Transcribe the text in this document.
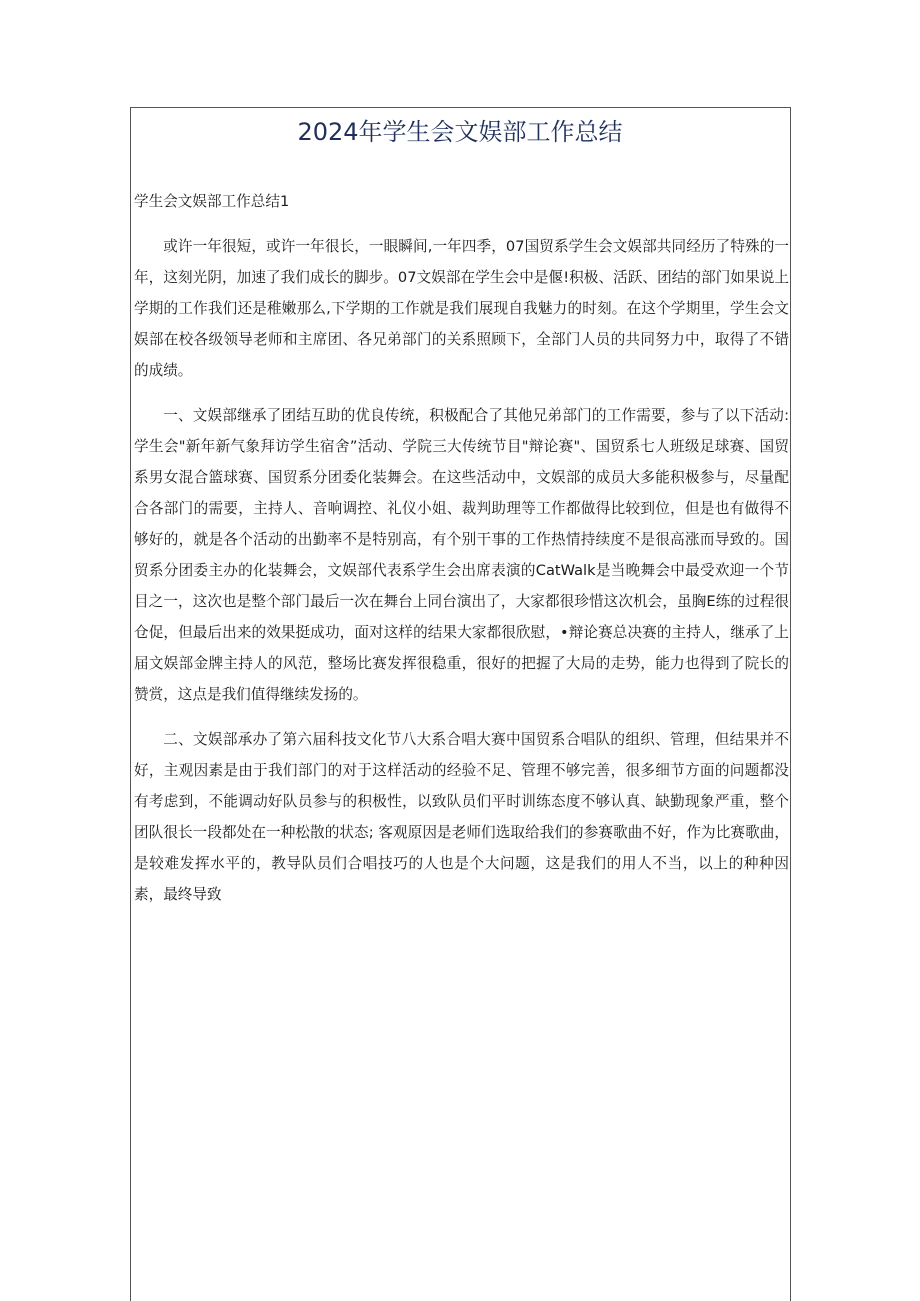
2024年学生会文娱部工作总结
学生会文娱部工作总结1

或许一年很短，或许一年很长，一眼瞬间,一年四季，07国贸系学生会文娱部共同经历了特殊的一年，这刻光阴，加速了我们成长的脚步。07文娱部在学生会中是偃!积极、活跃、团结的部门如果说上学期的工作我们还是稚嫩那么,下学期的工作就是我们展现自我魅力的时刻。在这个学期里，学生会文娱部在校各级领导老师和主席团、各兄弟部门的关系照顾下，全部门人员的共同努力中，取得了不错的成绩。

一、文娱部继承了团结互助的优良传统，积极配合了其他兄弟部门的工作需要，参与了以下活动:学生会"新年新气象拜访学生宿舍”活动、学院三大传统节目"辩论赛"、国贸系七人班级足球赛、国贸系男女混合篮球赛、国贸系分团委化装舞会。在这些活动中，文娱部的成员大多能积极参与，尽量配合各部门的需要，主持人、音响调控、礼仪小姐、裁判助理等工作都做得比较到位，但是也有做得不够好的，就是各个活动的出勤率不是特别高，有个别干事的工作热情持续度不是很高涨而导致的。国贸系分团委主办的化装舞会，文娱部代表系学生会出席表演的CatWalk是当晚舞会中最受欢迎一个节目之一，这次也是整个部门最后一次在舞台上同台演出了，大家都很珍惜这次机会，虽胸E练的过程很仓促，但最后出来的效果挺成功，面对这样的结果大家都很欣慰，•辩论赛总决赛的主持人，继承了上届文娱部金牌主持人的风范，整场比赛发挥很稳重，很好的把握了大局的走势，能力也得到了院长的赞赏，这点是我们值得继续发扬的。

二、文娱部承办了第六届科技文化节八大系合唱大赛中国贸系合唱队的组织、管理，但结果并不好，主观因素是由于我们部门的对于这样活动的经验不足、管理不够完善，很多细节方面的问题都没有考虑到，不能调动好队员参与的积极性，以致队员们平时训练态度不够认真、缺勤现象严重，整个团队很长一段都处在一种松散的状态; 客观原因是老师们选取给我们的参赛歌曲不好，作为比赛歌曲，是较难发挥水平的，教导队员们合唱技巧的人也是个大问题，这是我们的用人不当，以上的种种因素，最终导致
